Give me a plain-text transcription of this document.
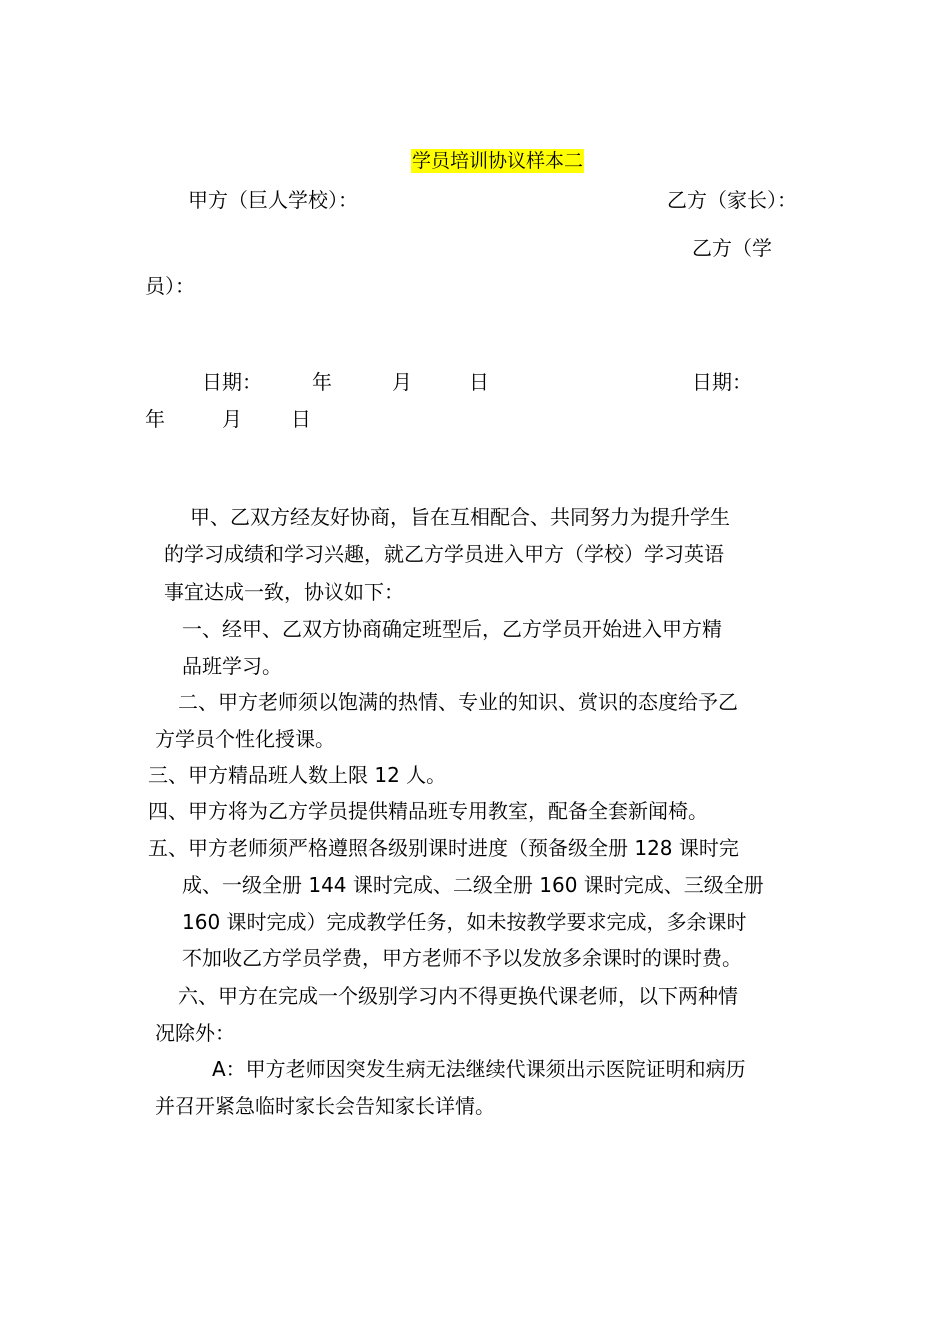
学员培训协议样本二
甲方（巨人学校）：	乙方（家长）：
乙方（学
员）：
日期：	年	月	日	日期：
年	月 日
甲、乙双方经友好协商，旨在互相配合、共同努力为提升学生
的学习成绩和学习兴趣，就乙方学员进入甲方（学校）学习英语
事宜达成一致，协议如下：
一、经甲、乙双方协商确定班型后，乙方学员开始进入甲方精
品班学习。
二、甲方老师须以饱满的热情、专业的知识、赏识的态度给予乙
方学员个性化授课。
三、甲方精品班人数上限 12 人。
四、甲方将为乙方学员提供精品班专用教室，配备全套新闻椅。
五、甲方老师须严格遵照各级别课时进度（预备级全册 128 课时完
成、一级全册 144 课时完成、二级全册 160 课时完成、三级全册
160 课时完成）完成教学任务，如未按教学要求完成，多余课时
不加收乙方学员学费，甲方老师不予以发放多余课时的课时费。
六、甲方在完成一个级别学习内不得更换代课老师，以下两种情
况除外：
A：甲方老师因突发生病无法继续代课须出示医院证明和病历
并召开紧急临时家长会告知家长详情。
